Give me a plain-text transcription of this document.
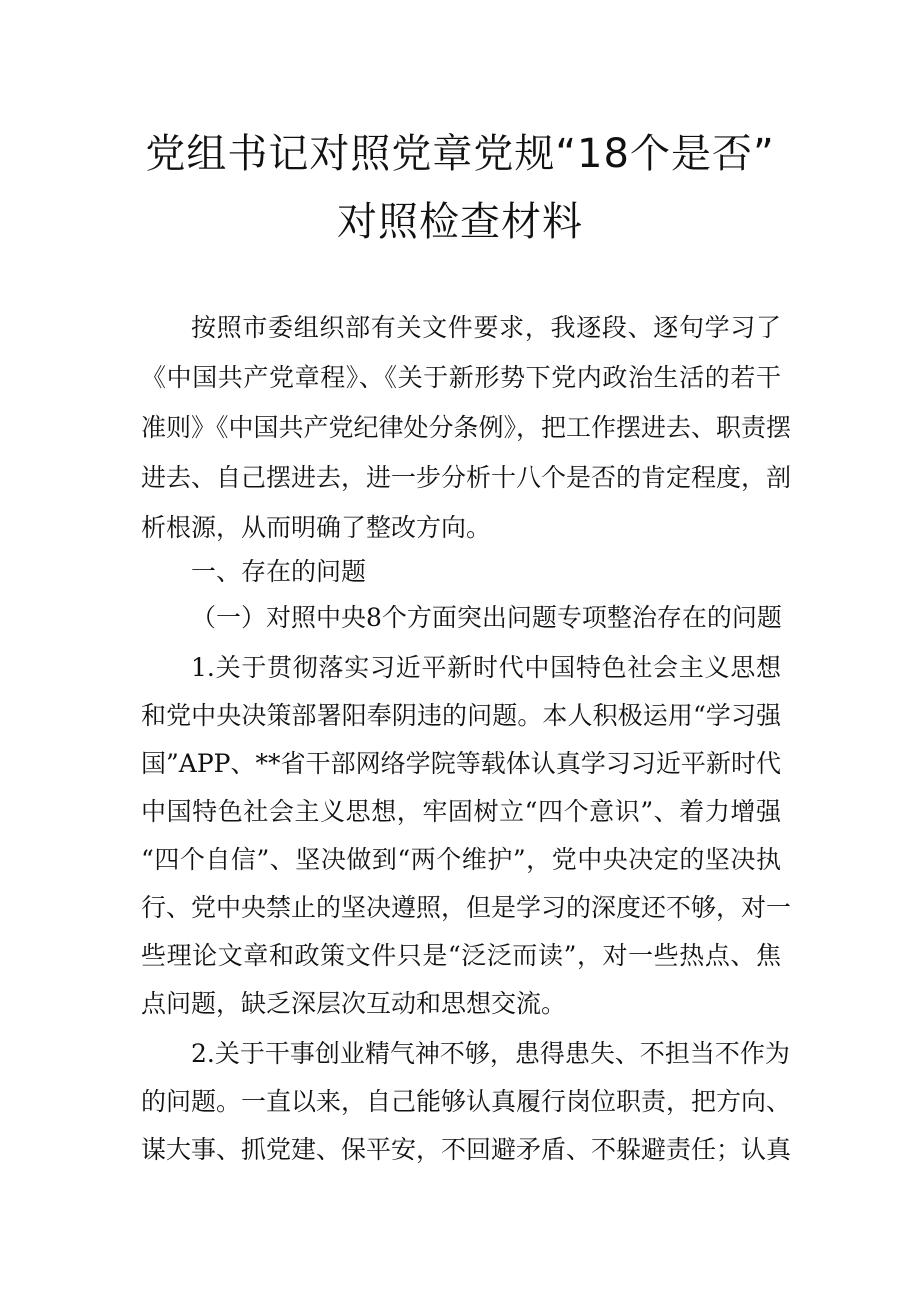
党组书记对照党章党规“18个是否”
对照检查材料
按照市委组织部有关文件要求，我逐段、逐句学习了
《中国共产党章程》、《关于新形势下党内政治生活的若干
准则》《中国共产党纪律处分条例》，把工作摆进去、职责摆
进去、自己摆进去，进一步分析十八个是否的肯定程度，剖
析根源，从而明确了整改方向。
一、存在的问题
（一）对照中央8个方面突出问题专项整治存在的问题
1.关于贯彻落实习近平新时代中国特色社会主义思想
和党中央决策部署阳奉阴违的问题。本人积极运用“学习强
国”APP、**省干部网络学院等载体认真学习习近平新时代
中国特色社会主义思想，牢固树立“四个意识”、着力增强
“四个自信”、坚决做到“两个维护”，党中央决定的坚决执
行、党中央禁止的坚决遵照，但是学习的深度还不够，对一
些理论文章和政策文件只是“泛泛而读”，对一些热点、焦
点问题，缺乏深层次互动和思想交流。
2.关于干事创业精气神不够，患得患失、不担当不作为
的问题。一直以来，自己能够认真履行岗位职责，把方向、
谋大事、抓党建、保平安，不回避矛盾、不躲避责任；认真
